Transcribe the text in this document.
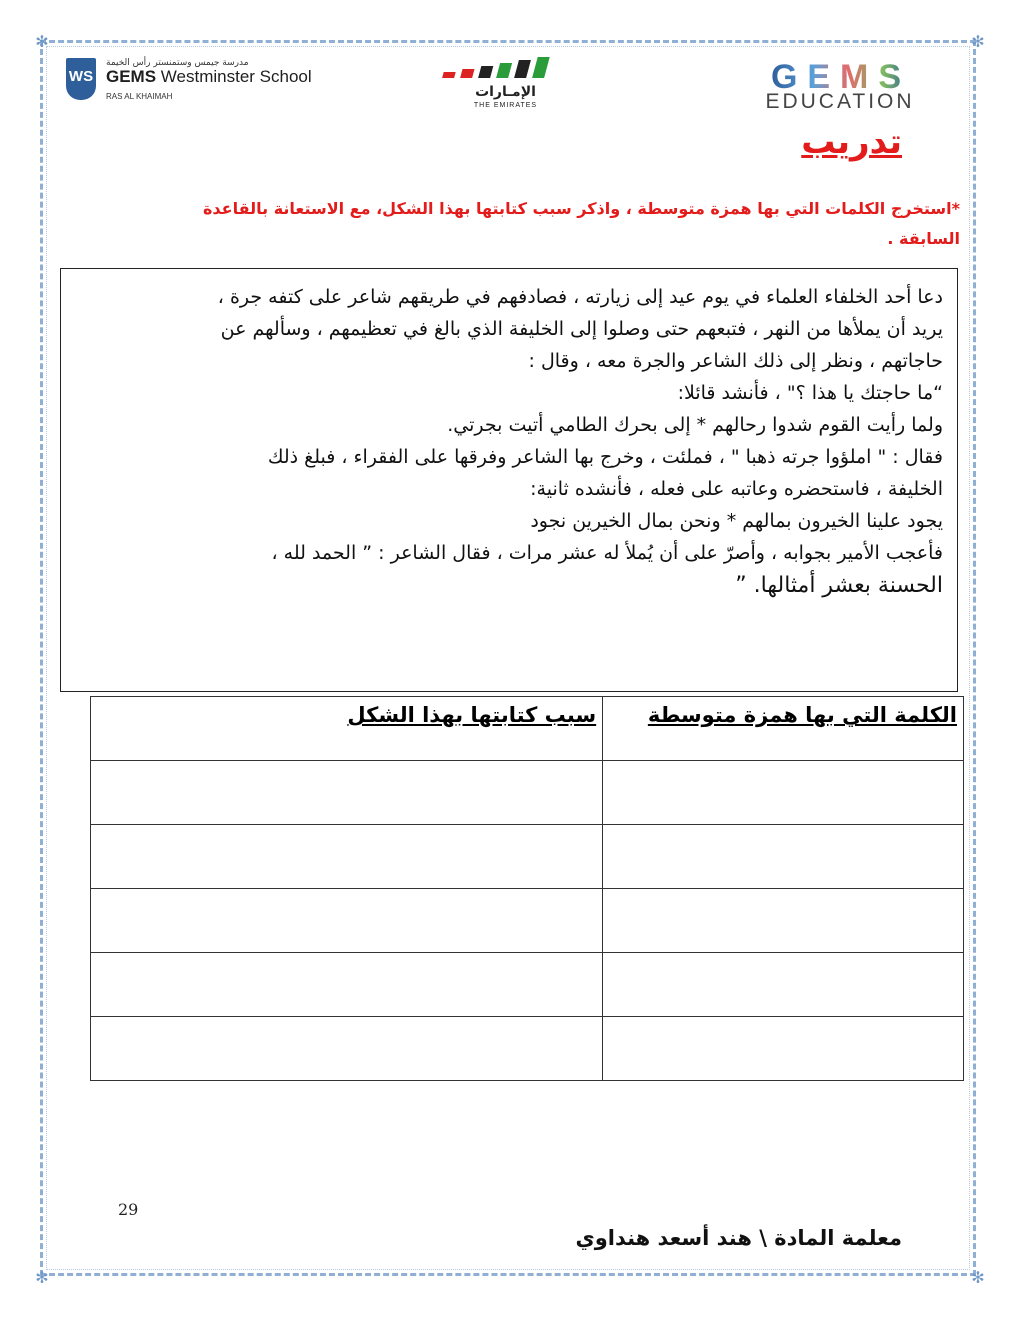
✻	✻
✻	✻
WS
مدرسة جيمس وستمنستر رأس الخيمة
GEMS Westminster School
RAS AL KHAIMAH	الإمـارات
THE EMIRATES
GEMS
EDUCATION
تدريب
*استخرج الكلمات التي بها همزة متوسطة ، واذكر سبب كتابتها بهذا الشكل، مع الاستعانة بالقاعدة السابقة .
دعا أحد الخلفاء العلماء في يوم عيد إلى زيارته ، فصادفهم في طريقهم شاعر على كتفه جرة ،
يريد أن يملأها من النهر ، فتبعهم حتى وصلوا إلى الخليفة الذي بالغ في تعظيمهم ، وسألهم عن
حاجاتهم ، ونظر إلى ذلك الشاعر والجرة معه ، وقال :
“ما حاجتك يا هذا ؟" ، فأنشد قائلا:
ولما رأيت القوم شدوا رحالهم * إلى بحرك الطامي أتيت بجرتي.
فقال : " املؤوا جرته ذهبا " ، فملئت ، وخرج بها الشاعر وفرقها على الفقراء ، فبلغ ذلك
الخليفة ، فاستحضره وعاتبه على فعله ، فأنشده ثانية:
يجود علينا الخيرون بمالهم * ونحن بمال الخيرين نجود
فأعجب الأمير بجوابه ، وأصرّ على أن يُملأ له عشر مرات ، فقال الشاعر : ” الحمد لله ،
الحسنة بعشر أمثالها. ”
الكلمة التي بها همزة متوسطة	سبب كتابتها بهذا الشكل

29
معلمة المادة \ هند أسعد هنداوي
